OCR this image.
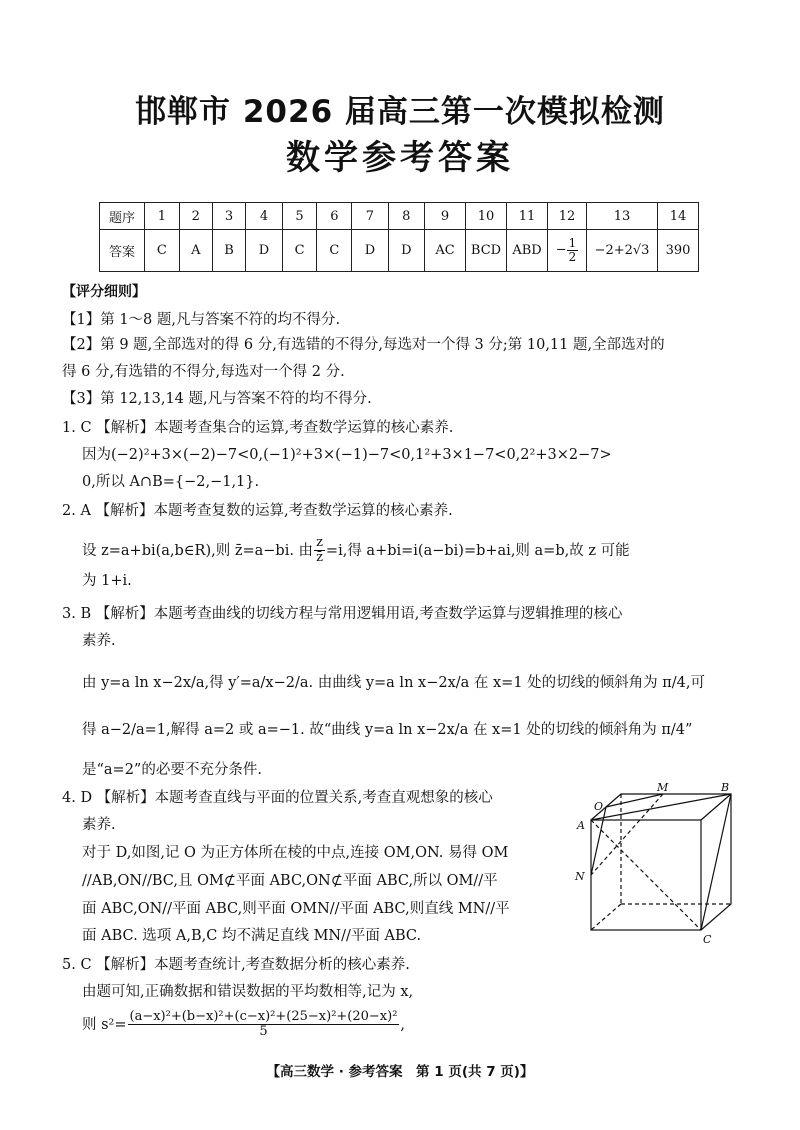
邯郸市 2026 届高三第一次模拟检测
数学参考答案
题序	1	2	3	4	5	6	7	8	9	10	11	12	13	14
答案	C	A	B	D	C	C	D	D	AC	BCD	ABD	− $\frac{1}{2}$	−2+2√3	390
【评分细则】
【1】第 1～8 题,凡与答案不符的均不得分.
【2】第 9 题,全部选对的得 6 分,有选错的不得分,每选对一个得 3 分;第 10,11 题,全部选对的
得 6 分,有选错的不得分,每选对一个得 2 分.
【3】第 12,13,14 题,凡与答案不符的均不得分.
1. C 【解析】本题考查集合的运算,考查数学运算的核心素养.
因为(−2)²+3×(−2)−7<0,(−1)²+3×(−1)−7<0,1²+3×1−7<0,2²+3×2−7>
0,所以 A∩B={−2,−1,1}.
2. A 【解析】本题考查复数的运算,考查数学运算的核心素养.
设 z=a+bi(a,b∈R),则 z̄=a−bi. 由 $\frac{z}{z̄} =i$,得 a+bi=i(a−bi)=b+ai,则 a=b,故 z 可能
为 1+i.
3. B 【解析】本题考查曲线的切线方程与常用逻辑用语,考查数学运算与逻辑推理的核心
素养.
由 y=a ln x−2x/a,得 y′=a/x−2/a. 由曲线 y=a ln x−2x/a 在 x=1 处的切线的倾斜角为 π/4,可
得 a−2/a=1,解得 a=2 或 a=−1. 故“曲线 y=a ln x−2x/a 在 x=1 处的切线的倾斜角为 π/4”
是“a=2”的必要不充分条件.
4. D 【解析】本题考查直线与平面的位置关系,考查直观想象的核心
素养.
对于 D,如图,记 O 为正方体所在棱的中点,连接 OM,ON. 易得 OM
//AB,ON//BC,且 OM⊄平面 ABC,ON⊄平面 ABC,所以 OM//平
面 ABC,ON//平面 ABC,则平面 OMN//平面 ABC,则直线 MN//平
面 ABC. 选项 A,B,C 均不满足直线 MN//平面 ABC.
O
M	B
A
N
C
5. C 【解析】本题考查统计,考查数据分析的核心素养.
由题可知,正确数据和错误数据的平均数相等,记为 x,
则 $s^2= \frac{\text{(a−x)²+(b−x)²+(c−x)²+(25−x)²+(20−x)²}}{5}$ ,
【高三数学 · 参考答案　第 1 页(共 7 页)】
